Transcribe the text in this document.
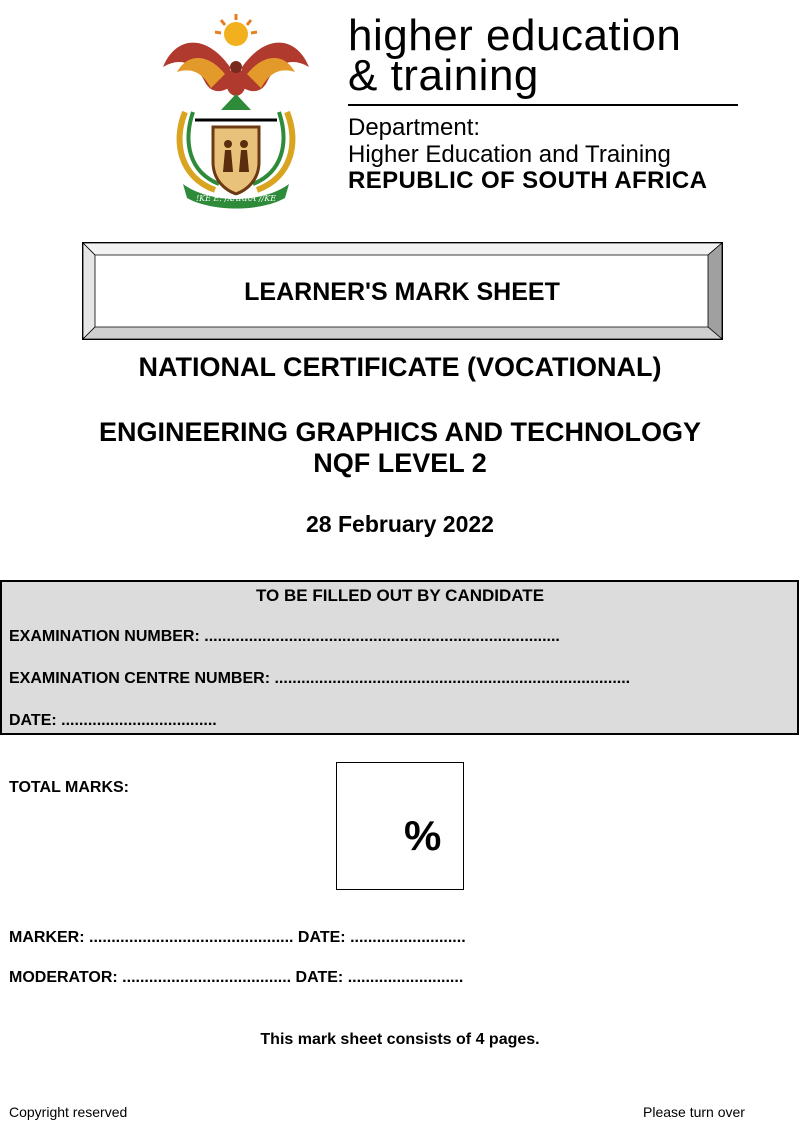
!KE E: /XARRA //KE
higher education
& training
Department:
Higher Education and Training
REPUBLIC OF SOUTH AFRICA
LEARNER'S MARK SHEET
NATIONAL CERTIFICATE (VOCATIONAL)
ENGINEERING GRAPHICS AND TECHNOLOGY
NQF LEVEL 2
28 February 2022
TO BE FILLED OUT BY CANDIDATE
EXAMINATION NUMBER: ................................................................................
EXAMINATION CENTRE NUMBER: ................................................................................
DATE: ...................................
TOTAL MARKS:
%
MARKER: .............................................. DATE: ..........................
MODERATOR: ...................................... DATE: ..........................
This mark sheet consists of 4 pages.
Copyright reserved	Please turn over
